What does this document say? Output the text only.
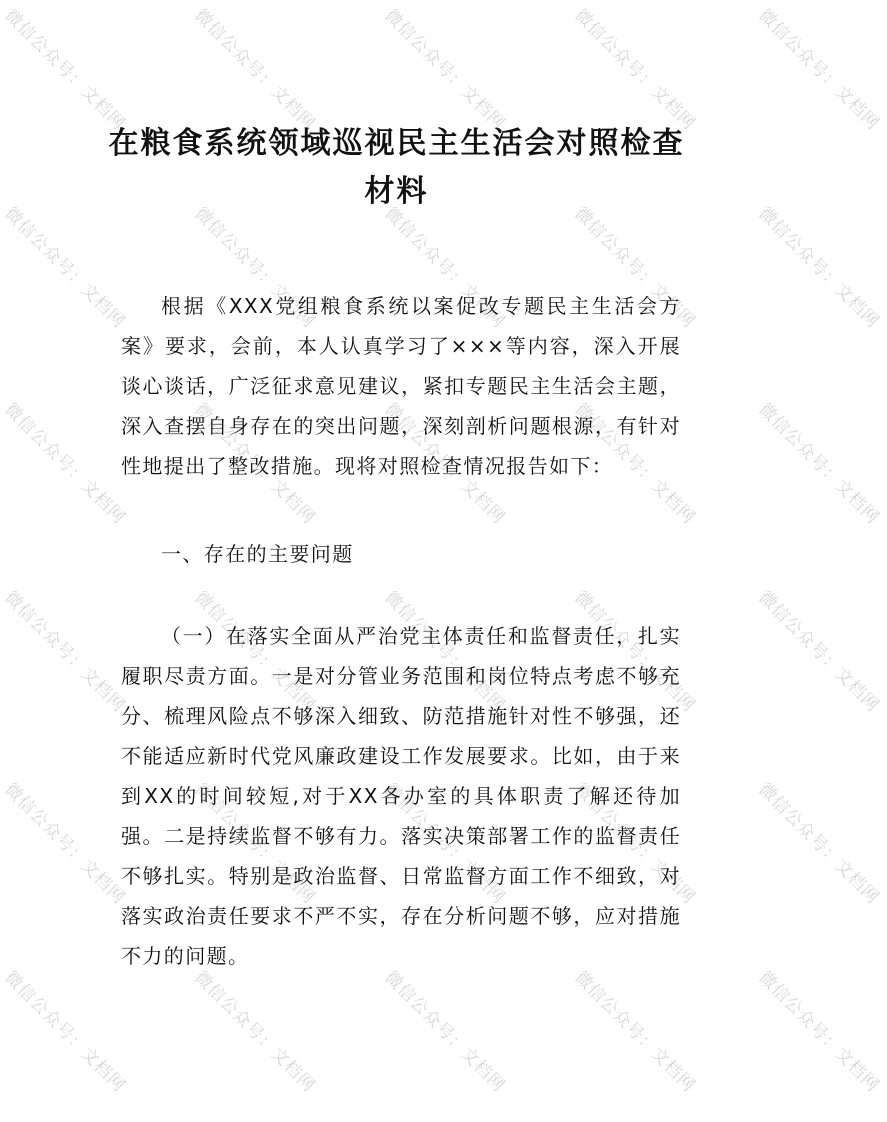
微信公众号：文档网	微信公众号：文档网	微信公众号：文档网	微信公众号：文档网	微信公众号：文档网
微信公众号：文档网	微信公众号：文档网	微信公众号：文档网	微信公众号：文档网	微信公众号：文档网
微信公众号：文档网	微信公众号：文档网	微信公众号：文档网	微信公众号：文档网	微信公众号：文档网
微信公众号：文档网	微信公众号：文档网	微信公众号：文档网	微信公众号：文档网	微信公众号：文档网
微信公众号：文档网	微信公众号：文档网	微信公众号：文档网	微信公众号：文档网	微信公众号：文档网
微信公众号：文档网	微信公众号：文档网	微信公众号：文档网	微信公众号：文档网	微信公众号：文档网
在粮食系统领域巡视民主生活会对照检查
材料
根据《XXX党组粮食系统以案促改专题民主生活会方案》要求，会前，本人认真学习了×××等内容，深入开展谈心谈话，广泛征求意见建议，紧扣专题民主生活会主题，深入查摆自身存在的突出问题，深刻剖析问题根源，有针对性地提出了整改措施。现将对照检查情况报告如下：
一、存在的主要问题
（一）在落实全面从严治党主体责任和监督责任，扎实履职尽责方面。一是对分管业务范围和岗位特点考虑不够充分、梳理风险点不够深入细致、防范措施针对性不够强，还不能适应新时代党风廉政建设工作发展要求。比如，由于来到XX的时间较短,对于XX各办室的具体职责了解还待加强。二是持续监督不够有力。落实决策部署工作的监督责任不够扎实。特别是政治监督、日常监督方面工作不细致，对落实政治责任要求不严不实，存在分析问题不够，应对措施不力的问题。
